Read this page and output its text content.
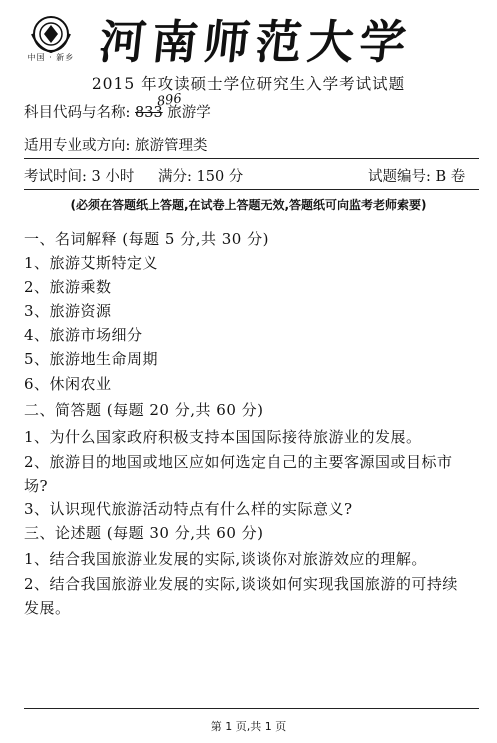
中国 · 新乡 河南师范大学
2015 年攻读硕士学位研究生入学考试试题
科目代码与名称: 833 旅游学
896
适用专业或方向: 旅游管理类
考试时间: 3 小时 满分: 150 分	试题编号: B 卷
(必须在答题纸上答题,在试卷上答题无效,答题纸可向监考老师索要)
一、名词解释 (每题 5 分,共 30 分)
1、旅游艾斯特定义
2、旅游乘数
3、旅游资源
4、旅游市场细分
5、旅游地生命周期
6、休闲农业
二、简答题 (每题 20 分,共 60 分)
1、为什么国家政府积极支持本国国际接待旅游业的发展。
2、旅游目的地国或地区应如何选定自己的主要客源国或目标市
场?
3、认识现代旅游活动特点有什么样的实际意义?
三、论述题 (每题 30 分,共 60 分)
1、结合我国旅游业发展的实际,谈谈你对旅游效应的理解。
2、结合我国旅游业发展的实际,谈谈如何实现我国旅游的可持续
发展。
第 1 页,共 1 页
